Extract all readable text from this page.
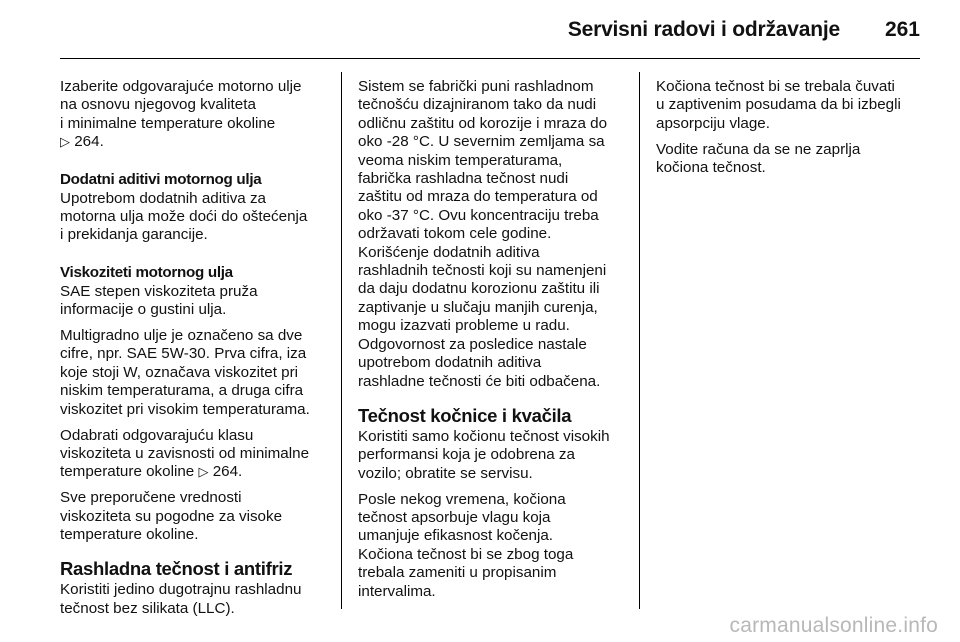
Servisni radovi i održavanje 261

Izaberite odgovarajuće motorno ulje
na osnovu njegovog kvaliteta
i minimalne temperature okoline
▷ 264.

Dodatni aditivi motornog ulja

Upotrebom dodatnih aditiva za
motorna ulja može doći do oštećenja
i prekidanja garancije.

Viskoziteti motornog ulja

SAE stepen viskoziteta pruža
informacije o gustini ulja.

Multigradno ulje je označeno sa dve
cifre, npr. SAE 5W-30. Prva cifra, iza
koje stoji W, označava viskozitet pri
niskim temperaturama, a druga cifra
viskozitet pri visokim temperaturama.

Odabrati odgovarajuću klasu
viskoziteta u zavisnosti od minimalne
temperature okoline ▷ 264.

Sve preporučene vrednosti
viskoziteta su pogodne za visoke
temperature okoline.

Rashladna tečnost i antifriz

Koristiti jedino dugotrajnu rashladnu
tečnost bez silikata (LLC).

Sistem se fabrički puni rashladnom
tečnošću dizajniranom tako da nudi
odličnu zaštitu od korozije i mraza do
oko -28 °C. U severnim zemljama sa
veoma niskim temperaturama,
fabrička rashladna tečnost nudi
zaštitu od mraza do temperatura od
oko -37 °C. Ovu koncentraciju treba
održavati tokom cele godine.
Korišćenje dodatnih aditiva
rashladnih tečnosti koji su namenjeni
da daju dodatnu korozionu zaštitu ili
zaptivanje u slučaju manjih curenja,
mogu izazvati probleme u radu.
Odgovornost za posledice nastale
upotrebom dodatnih aditiva
rashladne tečnosti će biti odbačena.

Tečnost kočnice i kvačila

Koristiti samo kočionu tečnost visokih
performansi koja je odobrena za
vozilo; obratite se servisu.

Posle nekog vremena, kočiona
tečnost apsorbuje vlagu koja
umanjuje efikasnost kočenja.
Kočiona tečnost bi se zbog toga
trebala zameniti u propisanim
intervalima.

Kočiona tečnost bi se trebala čuvati
u zaptivenim posudama da bi izbegli
apsorpciju vlage.

Vodite računa da se ne zaprlja
kočiona tečnost.

carmanualsonline.info
